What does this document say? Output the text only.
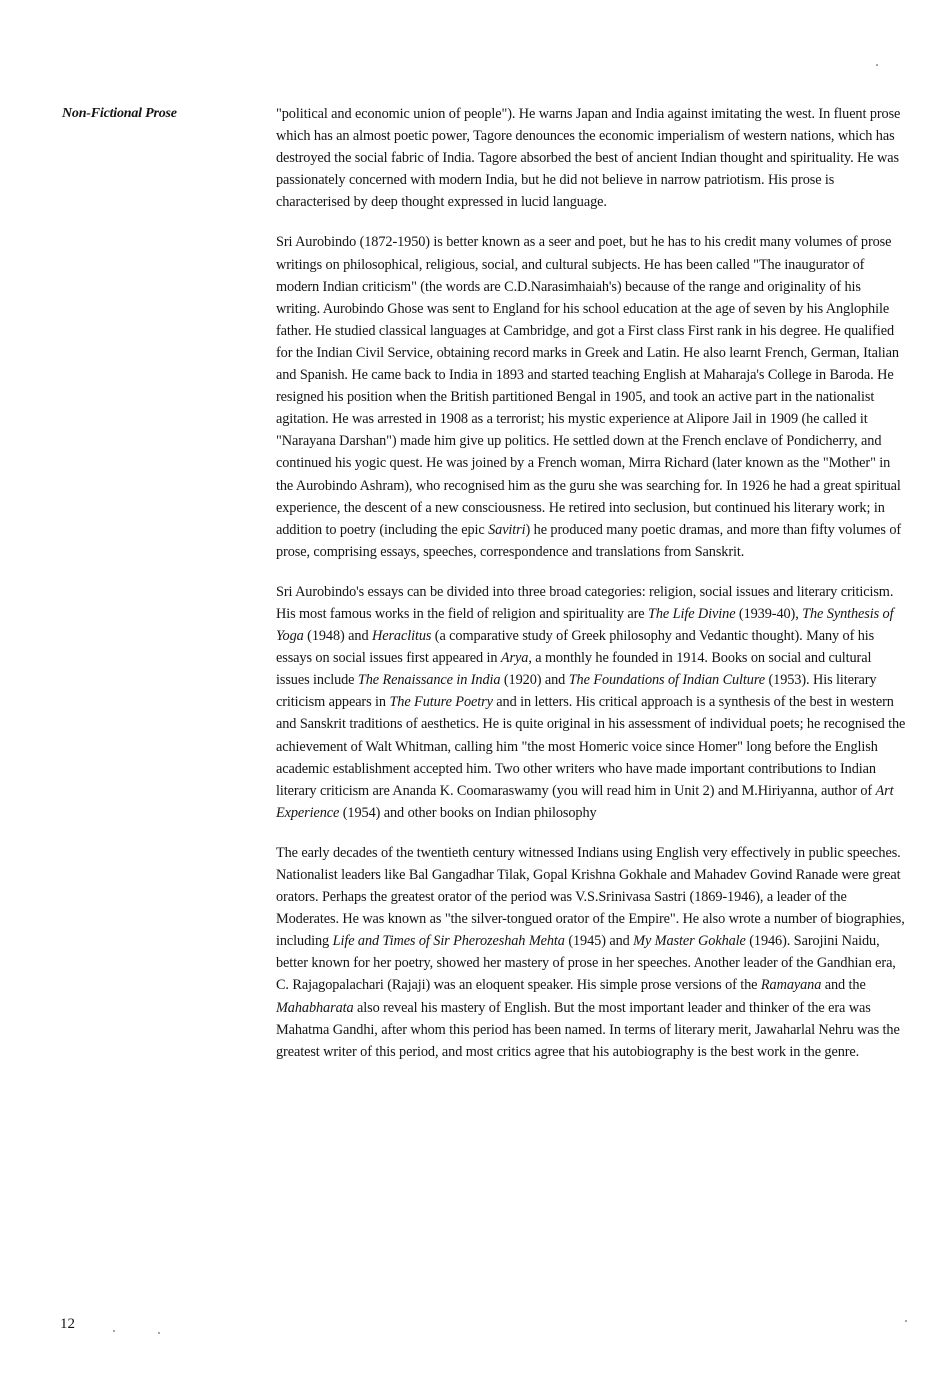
Non-Fictional Prose	"political and economic union of people"). He warns Japan and India against imitating the west. In fluent prose which has an almost poetic power, Tagore denounces the economic imperialism of western nations, which has destroyed the social fabric of India. Tagore absorbed the best of ancient Indian thought and spirituality. He was passionately concerned with modern India, but he did not believe in narrow patriotism. His prose is characterised by deep thought expressed in lucid language.

Sri Aurobindo (1872-1950) is better known as a seer and poet, but he has to his credit many volumes of prose writings on philosophical, religious, social, and cultural subjects. He has been called "The inaugurator of modern Indian criticism" (the words are C.D.Narasimhaiah's) because of the range and originality of his writing. Aurobindo Ghose was sent to England for his school education at the age of seven by his Anglophile father. He studied classical languages at Cambridge, and got a First class First rank in his degree. He qualified for the Indian Civil Service, obtaining record marks in Greek and Latin. He also learnt French, German, Italian and Spanish. He came back to India in 1893 and started teaching English at Maharaja's College in Baroda. He resigned his position when the British partitioned Bengal in 1905, and took an active part in the nationalist agitation. He was arrested in 1908 as a terrorist; his mystic experience at Alipore Jail in 1909 (he called it "Narayana Darshan") made him give up politics. He settled down at the French enclave of Pondicherry, and continued his yogic quest. He was joined by a French woman, Mirra Richard (later known as the "Mother" in the Aurobindo Ashram), who recognised him as the guru she was searching for. In 1926 he had a great spiritual experience, the descent of a new consciousness. He retired into seclusion, but continued his literary work; in addition to poetry (including the epic Savitri) he produced many poetic dramas, and more than fifty volumes of prose, comprising essays, speeches, correspondence and translations from Sanskrit.

Sri Aurobindo's essays can be divided into three broad categories: religion, social issues and literary criticism. His most famous works in the field of religion and spirituality are The Life Divine (1939-40), The Synthesis of Yoga (1948) and Heraclitus (a comparative study of Greek philosophy and Vedantic thought). Many of his essays on social issues first appeared in Arya, a monthly he founded in 1914. Books on social and cultural issues include The Renaissance in India (1920) and The Foundations of Indian Culture (1953). His literary criticism appears in The Future Poetry and in letters. His critical approach is a synthesis of the best in western and Sanskrit traditions of aesthetics. He is quite original in his assessment of individual poets; he recognised the achievement of Walt Whitman, calling him "the most Homeric voice since Homer" long before the English academic establishment accepted him. Two other writers who have made important contributions to Indian literary criticism are Ananda K. Coomaraswamy (you will read him in Unit 2) and M.Hiriyanna, author of Art Experience (1954) and other books on Indian philosophy

The early decades of the twentieth century witnessed Indians using English very effectively in public speeches. Nationalist leaders like Bal Gangadhar Tilak, Gopal Krishna Gokhale and Mahadev Govind Ranade were great orators. Perhaps the greatest orator of the period was V.S.Srinivasa Sastri (1869-1946), a leader of the Moderates. He was known as "the silver-tongued orator of the Empire". He also wrote a number of biographies, including Life and Times of Sir Pherozeshah Mehta (1945) and My Master Gokhale (1946). Sarojini Naidu, better known for her poetry, showed her mastery of prose in her speeches. Another leader of the Gandhian era, C. Rajagopalachari (Rajaji) was an eloquent speaker. His simple prose versions of the Ramayana and the Mahabharata also reveal his mastery of English. But the most important leader and thinker of the era was Mahatma Gandhi, after whom this period has been named. In terms of literary merit, Jawaharlal Nehru was the greatest writer of this period, and most critics agree that his autobiography is the best work in the genre.

12
